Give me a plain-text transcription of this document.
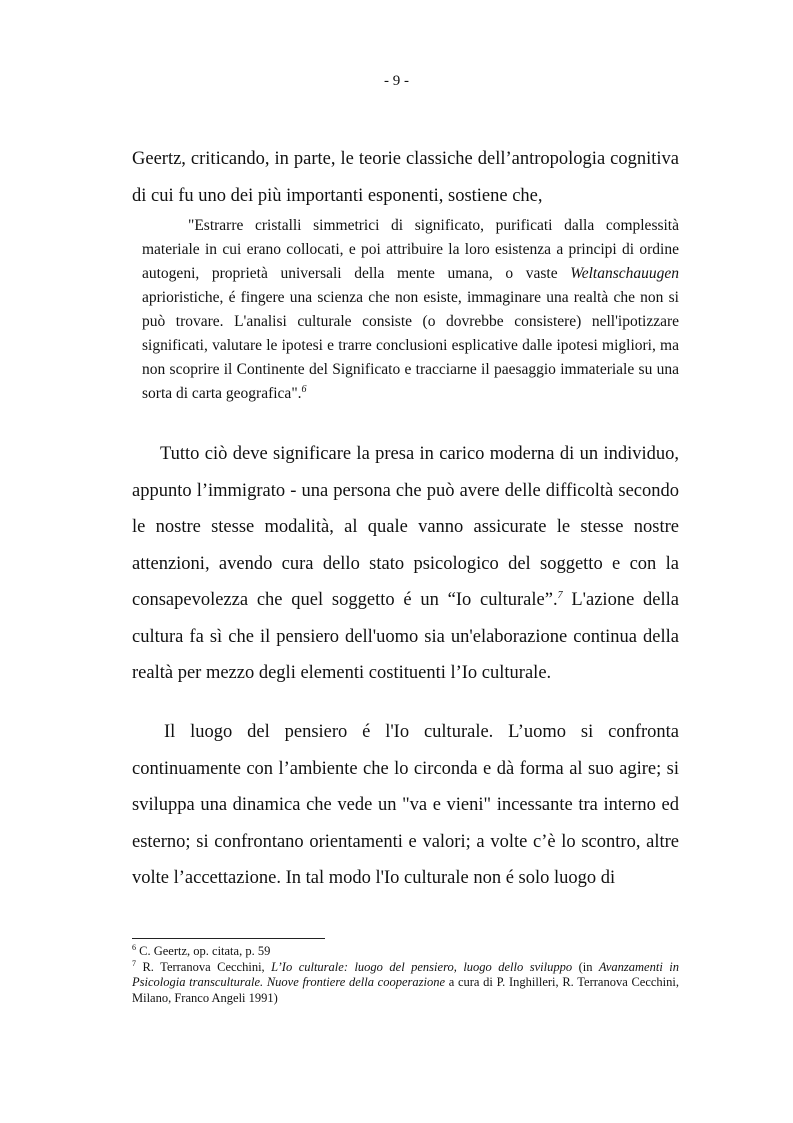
- 9 -

Geertz, criticando, in parte, le teorie classiche dell’antropologia cognitiva di cui fu uno dei più importanti esponenti, sostiene che,

"Estrarre cristalli simmetrici di significato, purificati dalla complessità materiale in cui erano collocati, e poi attribuire la loro esistenza a principi di ordine autogeni, proprietà universali della mente umana, o vaste Weltanschauugen aprioristiche, é fingere una scienza che non esiste, immaginare una realtà che non si può trovare. L'analisi culturale consiste (o dovrebbe consistere) nell'ipotizzare significati, valutare le ipotesi e trarre conclusioni esplicative dalle ipotesi migliori, ma non scoprire il Continente del Significato e tracciarne il paesaggio immateriale su una sorta di carta geografica".$^6$

Tutto ciò deve significare la presa in carico moderna di un individuo, appunto l’immigrato - una persona che può avere delle difficoltà secondo le nostre stesse modalità, al quale vanno assicurate le stesse nostre attenzioni, avendo cura dello stato psicologico del soggetto e con la consapevolezza che quel soggetto é un “Io culturale”.$^7$ L'azione della cultura fa sì che il pensiero dell'uomo sia un'elaborazione continua della realtà per mezzo degli elementi costituenti l’Io culturale.

Il luogo del pensiero é l'Io culturale. L’uomo si confronta continuamente con l’ambiente che lo circonda e dà forma al suo agire; si sviluppa una dinamica che vede un "va e vieni" incessante tra interno ed esterno; si confrontano orientamenti e valori; a volte c’è lo scontro, altre volte l’accettazione. In tal modo l'Io culturale non é solo luogo di

$^6$ C. Geertz, op. citata, p. 59

$^7$ R. Terranova Cecchini, L’Io culturale: luogo del pensiero, luogo dello sviluppo (in Avanzamenti in Psicologia transculturale. Nuove frontiere della cooperazione a cura di P. Inghilleri, R. Terranova Cecchini, Milano, Franco Angeli 1991)
